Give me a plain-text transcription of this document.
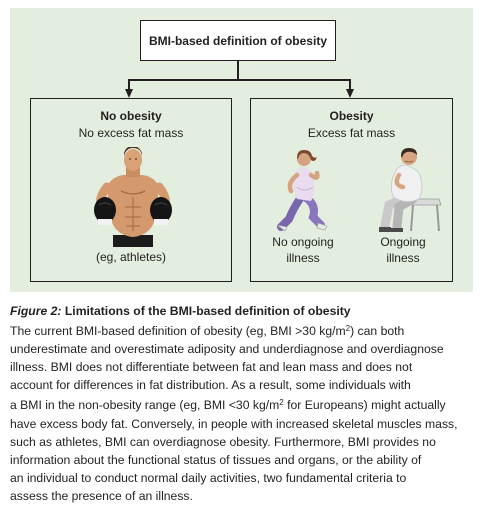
BMI-based definition of obesity
No obesity
No excess fat mass
(eg, athletes)
Obesity
Excess fat mass
No ongoing
illness
Ongoing
illness
Figure 2: Limitations of the BMI-based definition of obesity
The current BMI-based definition of obesity (eg, BMI >30 $kg/m^2$) can both
underestimate and overestimate adiposity and underdiagnose and overdiagnose
illness. BMI does not differentiate between fat and lean mass and does not
account for differences in fat distribution. As a result, some individuals with
a BMI in the non-obesity range (eg, BMI <30 $kg/m^2$ for Europeans) might actually
have excess body fat. Conversely, in people with increased skeletal muscles mass,
such as athletes, BMI can overdiagnose obesity. Furthermore, BMI provides no
information about the functional status of tissues and organs, or the ability of
an individual to conduct normal daily activities, two fundamental criteria to
assess the presence of an illness.
